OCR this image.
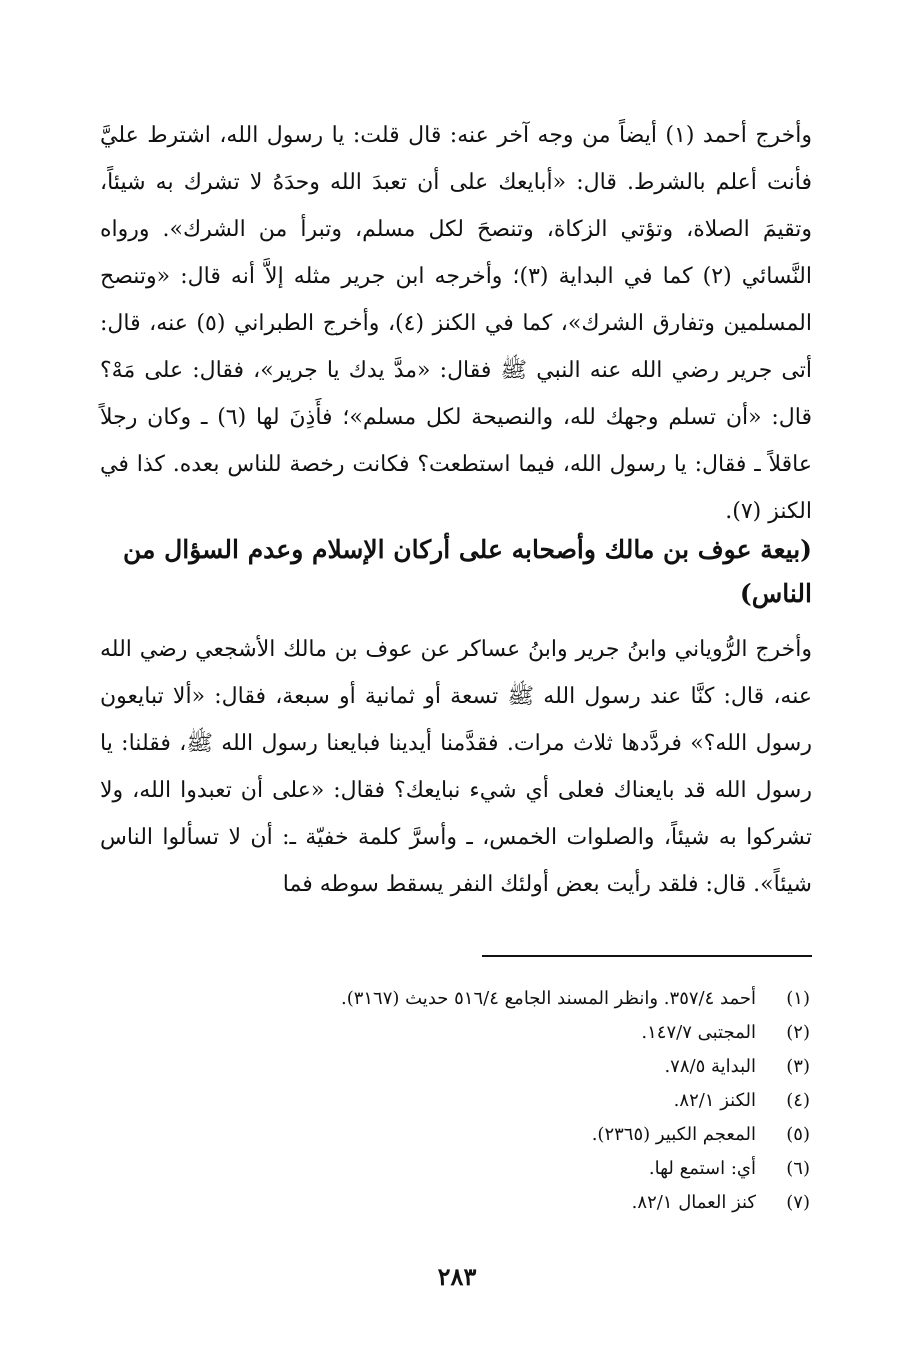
وأخرج أحمد (١) أيضاً من وجه آخر عنه: قال قلت: يا رسول الله، اشترط عليَّ فأنت أعلم بالشرط. قال: «أبايعك على أن تعبدَ الله وحدَهُ لا تشرك به شيئاً، وتقيمَ الصلاة، وتؤتي الزكاة، وتنصحَ لكل مسلم، وتبرأ من الشرك». ورواه النَّسائي (٢) كما في البداية (٣)؛ وأخرجه ابن جرير مثله إلاَّ أنه قال: «وتنصح المسلمين وتفارق الشرك»، كما في الكنز (٤)، وأخرج الطبراني (٥) عنه، قال: أتى جرير رضي الله عنه النبي ﷺ فقال: «مدَّ يدك يا جرير»، فقال: على مَهْ؟ قال: «أن تسلم وجهك لله، والنصيحة لكل مسلم»؛ فأَذِنَ لها (٦) ـ وكان رجلاً عاقلاً ـ فقال: يا رسول الله، فيما استطعت؟ فكانت رخصة للناس بعده. كذا في الكنز (٧).

(بيعة عوف بن مالك وأصحابه على أركان الإسلام وعدم السؤال من الناس)

وأخرج الرُّوياني وابنُ جرير وابنُ عساكر عن عوف بن مالك الأشجعي رضي الله عنه، قال: كنَّا عند رسول الله ﷺ تسعة أو ثمانية أو سبعة، فقال: «ألا تبايعون رسول الله؟» فردَّدها ثلاث مرات. فقدَّمنا أيدينا فبايعنا رسول الله ﷺ، فقلنا: يا رسول الله قد بايعناك فعلى أي شيء نبايعك؟ فقال: «على أن تعبدوا الله، ولا تشركوا به شيئاً، والصلوات الخمس، ـ وأسرَّ كلمة خفيّة ـ: أن لا تسألوا الناس شيئاً». قال: فلقد رأيت بعض أولئك النفر يسقط سوطه فما

(١)
أحمد ٣٥٧/٤. وانظر المسند الجامع ٥١٦/٤ حديث (٣١٦٧).
(٢)
المجتبى ١٤٧/٧.
(٣)
البداية ٧٨/٥.
(٤)
الكنز ٨٢/١.
(٥)
المعجم الكبير (٢٣٦٥).
(٦)
أي: استمع لها.
(٧)
كنز العمال ٨٢/١.
٢٨٣
